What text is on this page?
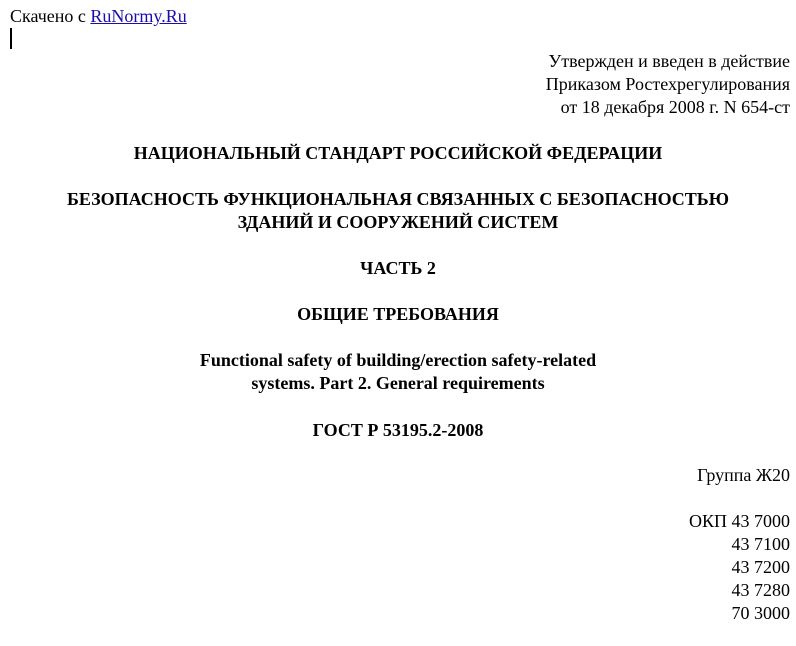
Скачено с RuNormy.Ru
Утвержден и введен в действие
Приказом Ростехрегулирования
от 18 декабря 2008 г. N 654-ст
НАЦИОНАЛЬНЫЙ СТАНДАРТ РОССИЙСКОЙ ФЕДЕРАЦИИ
БЕЗОПАСНОСТЬ ФУНКЦИОНАЛЬНАЯ СВЯЗАННЫХ С БЕЗОПАСНОСТЬЮ
ЗДАНИЙ И СООРУЖЕНИЙ СИСТЕМ
ЧАСТЬ 2
ОБЩИЕ ТРЕБОВАНИЯ
Functional safety of building/erection safety-related
systems. Part 2. General requirements
ГОСТ Р 53195.2-2008
Группа Ж20
ОКП 43 7000
43 7100
43 7200
43 7280
70 3000
